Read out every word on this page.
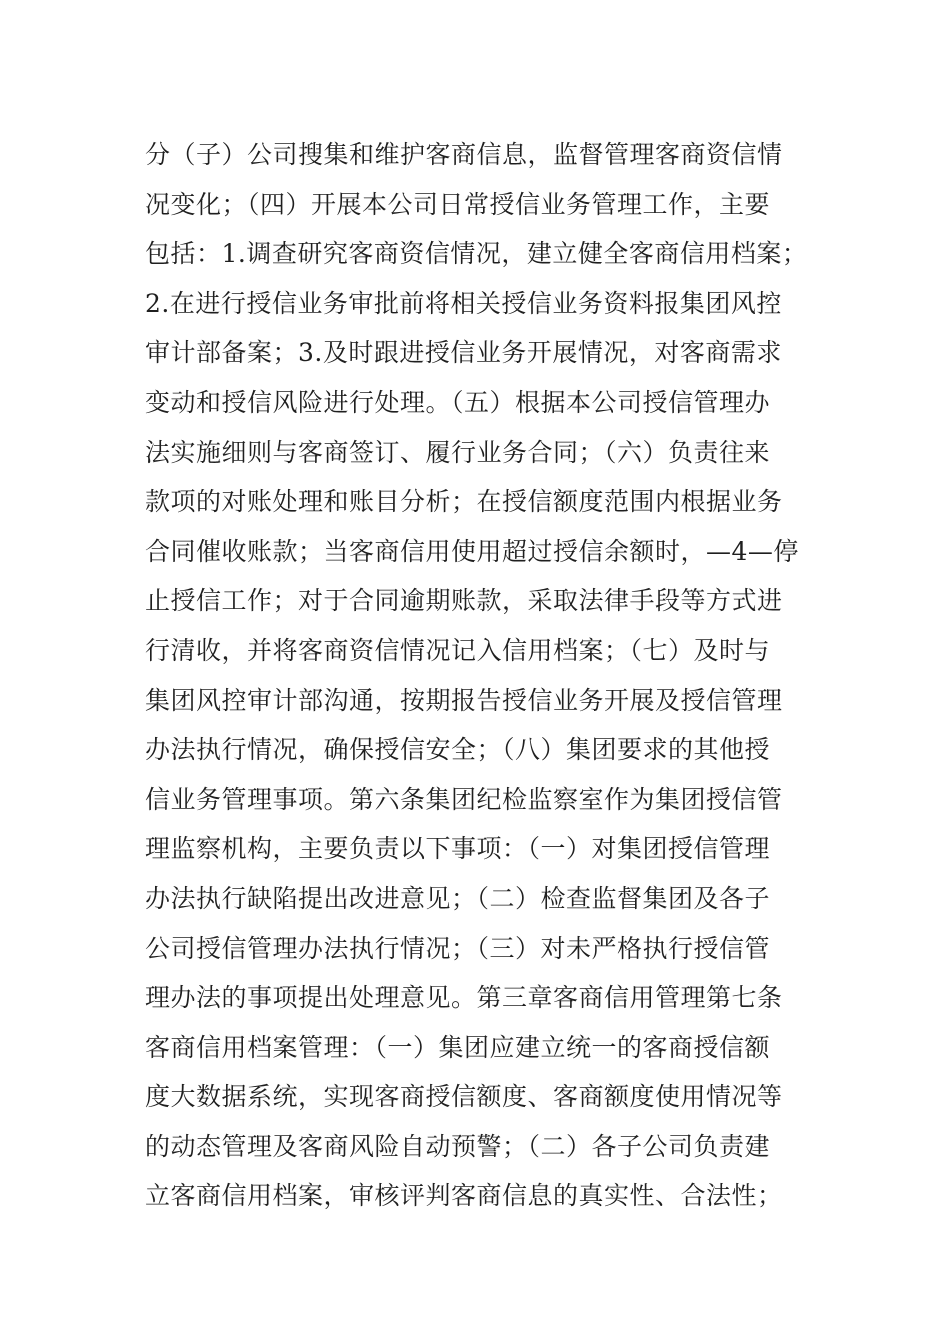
分（子）公司搜集和维护客商信息，监督管理客商资信情
况变化；（四）开展本公司日常授信业务管理工作，主要
包括：1.调查研究客商资信情况，建立健全客商信用档案；
2.在进行授信业务审批前将相关授信业务资料报集团风控
审计部备案；3.及时跟进授信业务开展情况，对客商需求
变动和授信风险进行处理。（五）根据本公司授信管理办
法实施细则与客商签订、履行业务合同；（六）负责往来
款项的对账处理和账目分析；在授信额度范围内根据业务
合同催收账款；当客商信用使用超过授信余额时，—4—停
止授信工作；对于合同逾期账款，采取法律手段等方式进
行清收，并将客商资信情况记入信用档案；（七）及时与
集团风控审计部沟通，按期报告授信业务开展及授信管理
办法执行情况，确保授信安全；（八）集团要求的其他授
信业务管理事项。第六条集团纪检监察室作为集团授信管
理监察机构，主要负责以下事项：（一）对集团授信管理
办法执行缺陷提出改进意见；（二）检查监督集团及各子
公司授信管理办法执行情况；（三）对未严格执行授信管
理办法的事项提出处理意见。第三章客商信用管理第七条
客商信用档案管理：（一）集团应建立统一的客商授信额
度大数据系统，实现客商授信额度、客商额度使用情况等
的动态管理及客商风险自动预警；（二）各子公司负责建
立客商信用档案，审核评判客商信息的真实性、合法性；
